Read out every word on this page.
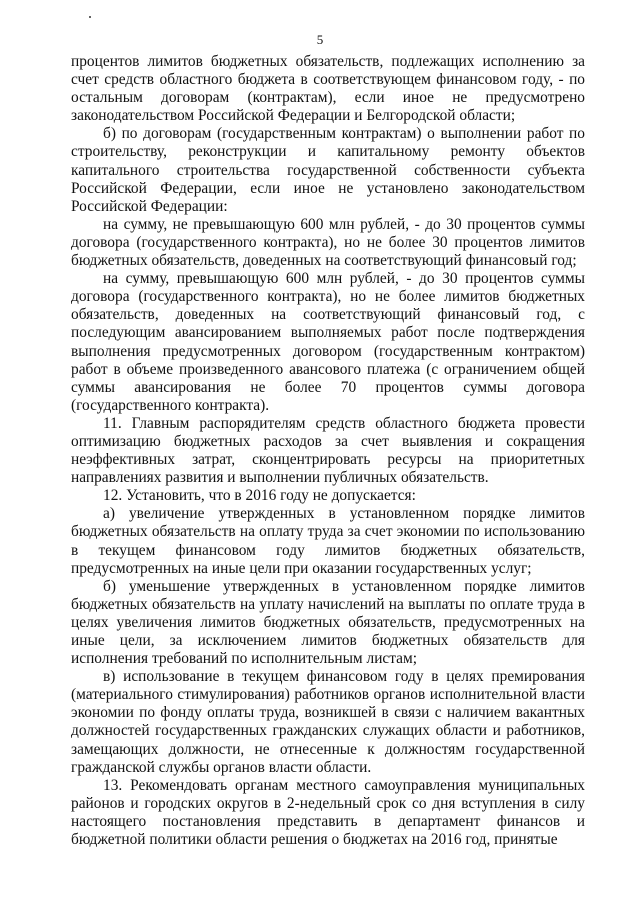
5

процентов лимитов бюджетных обязательств, подлежащих исполнению за счет средств областного бюджета в соответствующем финансовом году, - по остальным договорам (контрактам), если иное не предусмотрено законодательством Российской Федерации и Белгородской области;

б) по договорам (государственным контрактам) о выполнении работ по строительству, реконструкции и капитальному ремонту объектов капитального строительства государственной собственности субъекта Российской Федерации, если иное не установлено законодательством Российской Федерации:

на сумму, не превышающую 600 млн рублей, - до 30 процентов суммы договора (государственного контракта), но не более 30 процентов лимитов бюджетных обязательств, доведенных на соответствующий финансовый год;

на сумму, превышающую 600 млн рублей, - до 30 процентов суммы договора (государственного контракта), но не более лимитов бюджетных обязательств, доведенных на соответствующий финансовый год, с последующим авансированием выполняемых работ после подтверждения выполнения предусмотренных договором (государственным контрактом) работ в объеме произведенного авансового платежа (с ограничением общей суммы авансирования не более 70 процентов суммы договора (государственного контракта).

11. Главным распорядителям средств областного бюджета провести оптимизацию бюджетных расходов за счет выявления и сокращения неэффективных затрат, сконцентрировать ресурсы на приоритетных направлениях развития и выполнении публичных обязательств.

12. Установить, что в 2016 году не допускается:

а) увеличение утвержденных в установленном порядке лимитов бюджетных обязательств на оплату труда за счет экономии по использованию в текущем финансовом году лимитов бюджетных обязательств, предусмотренных на иные цели при оказании государственных услуг;

б) уменьшение утвержденных в установленном порядке лимитов бюджетных обязательств на уплату начислений на выплаты по оплате труда в целях увеличения лимитов бюджетных обязательств, предусмотренных на иные цели, за исключением лимитов бюджетных обязательств для исполнения требований по исполнительным листам;

в) использование в текущем финансовом году в целях премирования (материального стимулирования) работников органов исполнительной власти экономии по фонду оплаты труда, возникшей в связи с наличием вакантных должностей государственных гражданских служащих области и работников, замещающих должности, не отнесенные к должностям государственной гражданской службы органов власти области.

13. Рекомендовать органам местного самоуправления муниципальных районов и городских округов в 2-недельный срок со дня вступления в силу настоящего постановления представить в департамент финансов и бюджетной политики области решения о бюджетах на 2016 год, принятые
